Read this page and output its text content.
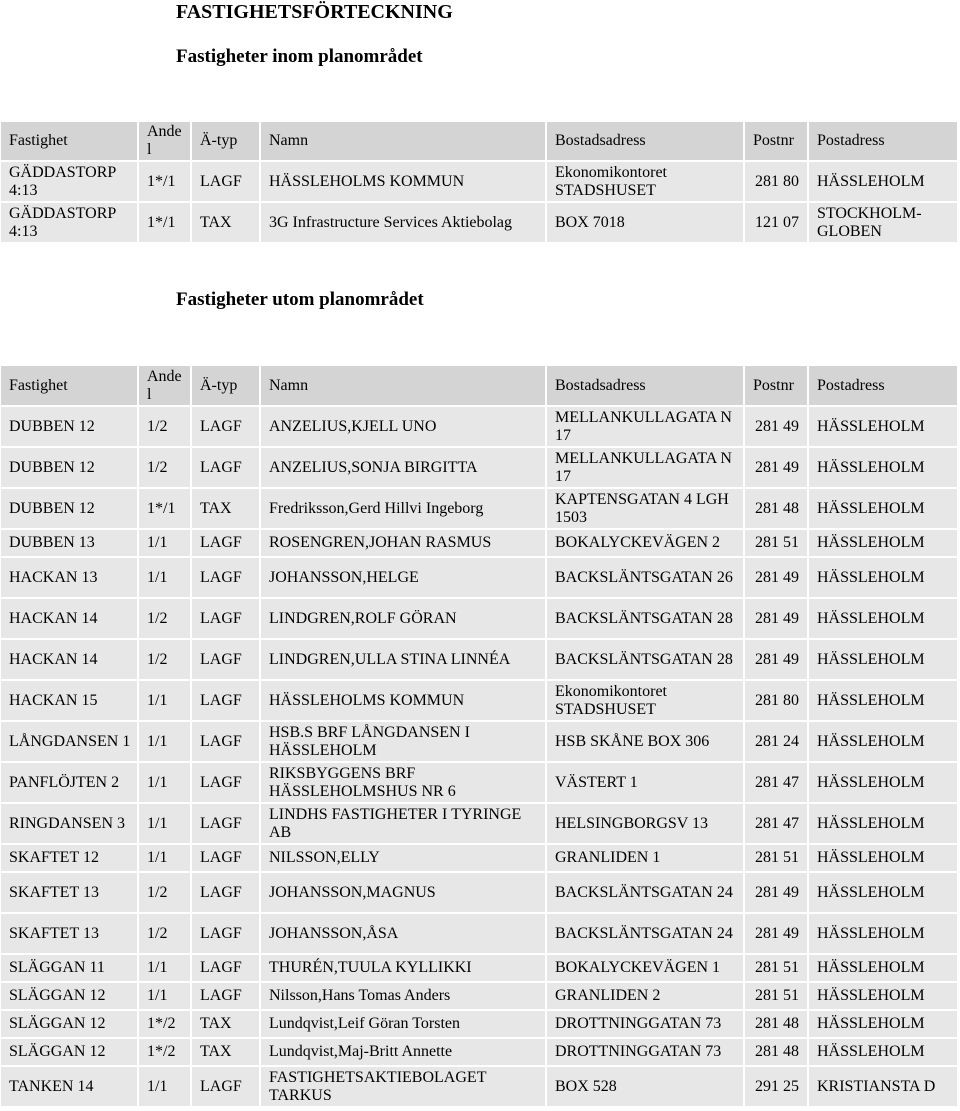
FASTIGHETSFÖRTECKNING
Fastigheter inom planområdet
Fastighet	Ande l	Ä-typ	Namn	Bostadsadress	Postnr	Postadress
GÄDDASTORP 4:13	1*/1	LAGF	HÄSSLEHOLMS KOMMUN	Ekonomikontoret STADSHUSET	281 80	HÄSSLEHOLM
GÄDDASTORP 4:13	1*/1	TAX	3G Infrastructure Services Aktiebolag	BOX 7018	121 07	STOCKHOLM-GLOBEN
Fastigheter utom planområdet
Fastighet	Ande l	Ä-typ	Namn	Bostadsadress	Postnr	Postadress
DUBBEN 12	1/2	LAGF	ANZELIUS,KJELL UNO	MELLANKULLAGATA N 17	281 49	HÄSSLEHOLM
DUBBEN 12	1/2	LAGF	ANZELIUS,SONJA BIRGITTA	MELLANKULLAGATA N 17	281 49	HÄSSLEHOLM
DUBBEN 12	1*/1	TAX	Fredriksson,Gerd Hillvi Ingeborg	KAPTENSGATAN 4 LGH 1503	281 48	HÄSSLEHOLM
DUBBEN 13	1/1	LAGF	ROSENGREN,JOHAN RASMUS	BOKALYCKEVÄGEN 2	281 51	HÄSSLEHOLM
HACKAN 13	1/1	LAGF	JOHANSSON,HELGE	BACKSLÄNTSGATAN 26	281 49	HÄSSLEHOLM
HACKAN 14	1/2	LAGF	LINDGREN,ROLF GÖRAN	BACKSLÄNTSGATAN 28	281 49	HÄSSLEHOLM
HACKAN 14	1/2	LAGF	LINDGREN,ULLA STINA LINNÉA	BACKSLÄNTSGATAN 28	281 49	HÄSSLEHOLM
HACKAN 15	1/1	LAGF	HÄSSLEHOLMS KOMMUN	Ekonomikontoret STADSHUSET	281 80	HÄSSLEHOLM
LÅNGDANSEN 1	1/1	LAGF	HSB.S BRF LÅNGDANSEN I HÄSSLEHOLM	HSB SKÅNE BOX 306	281 24	HÄSSLEHOLM
PANFLÖJTEN 2	1/1	LAGF	RIKSBYGGENS BRF HÄSSLEHOLMSHUS NR 6	VÄSTERT 1	281 47	HÄSSLEHOLM
RINGDANSEN 3	1/1	LAGF	LINDHS FASTIGHETER I TYRINGE AB	HELSINGBORGSV 13	281 47	HÄSSLEHOLM
SKAFTET 12	1/1	LAGF	NILSSON,ELLY	GRANLIDEN 1	281 51	HÄSSLEHOLM
SKAFTET 13	1/2	LAGF	JOHANSSON,MAGNUS	BACKSLÄNTSGATAN 24	281 49	HÄSSLEHOLM
SKAFTET 13	1/2	LAGF	JOHANSSON,ÅSA	BACKSLÄNTSGATAN 24	281 49	HÄSSLEHOLM
SLÄGGAN 11	1/1	LAGF	THURÉN,TUULA KYLLIKKI	BOKALYCKEVÄGEN 1	281 51	HÄSSLEHOLM
SLÄGGAN 12	1/1	LAGF	Nilsson,Hans Tomas Anders	GRANLIDEN 2	281 51	HÄSSLEHOLM
SLÄGGAN 12	1*/2	TAX	Lundqvist,Leif Göran Torsten	DROTTNINGGATAN 73	281 48	HÄSSLEHOLM
SLÄGGAN 12	1*/2	TAX	Lundqvist,Maj-Britt Annette	DROTTNINGGATAN 73	281 48	HÄSSLEHOLM
TANKEN 14	1/1	LAGF	FASTIGHETSAKTIEBOLAGET TARKUS	BOX 528	291 25	KRISTIANSTA D
